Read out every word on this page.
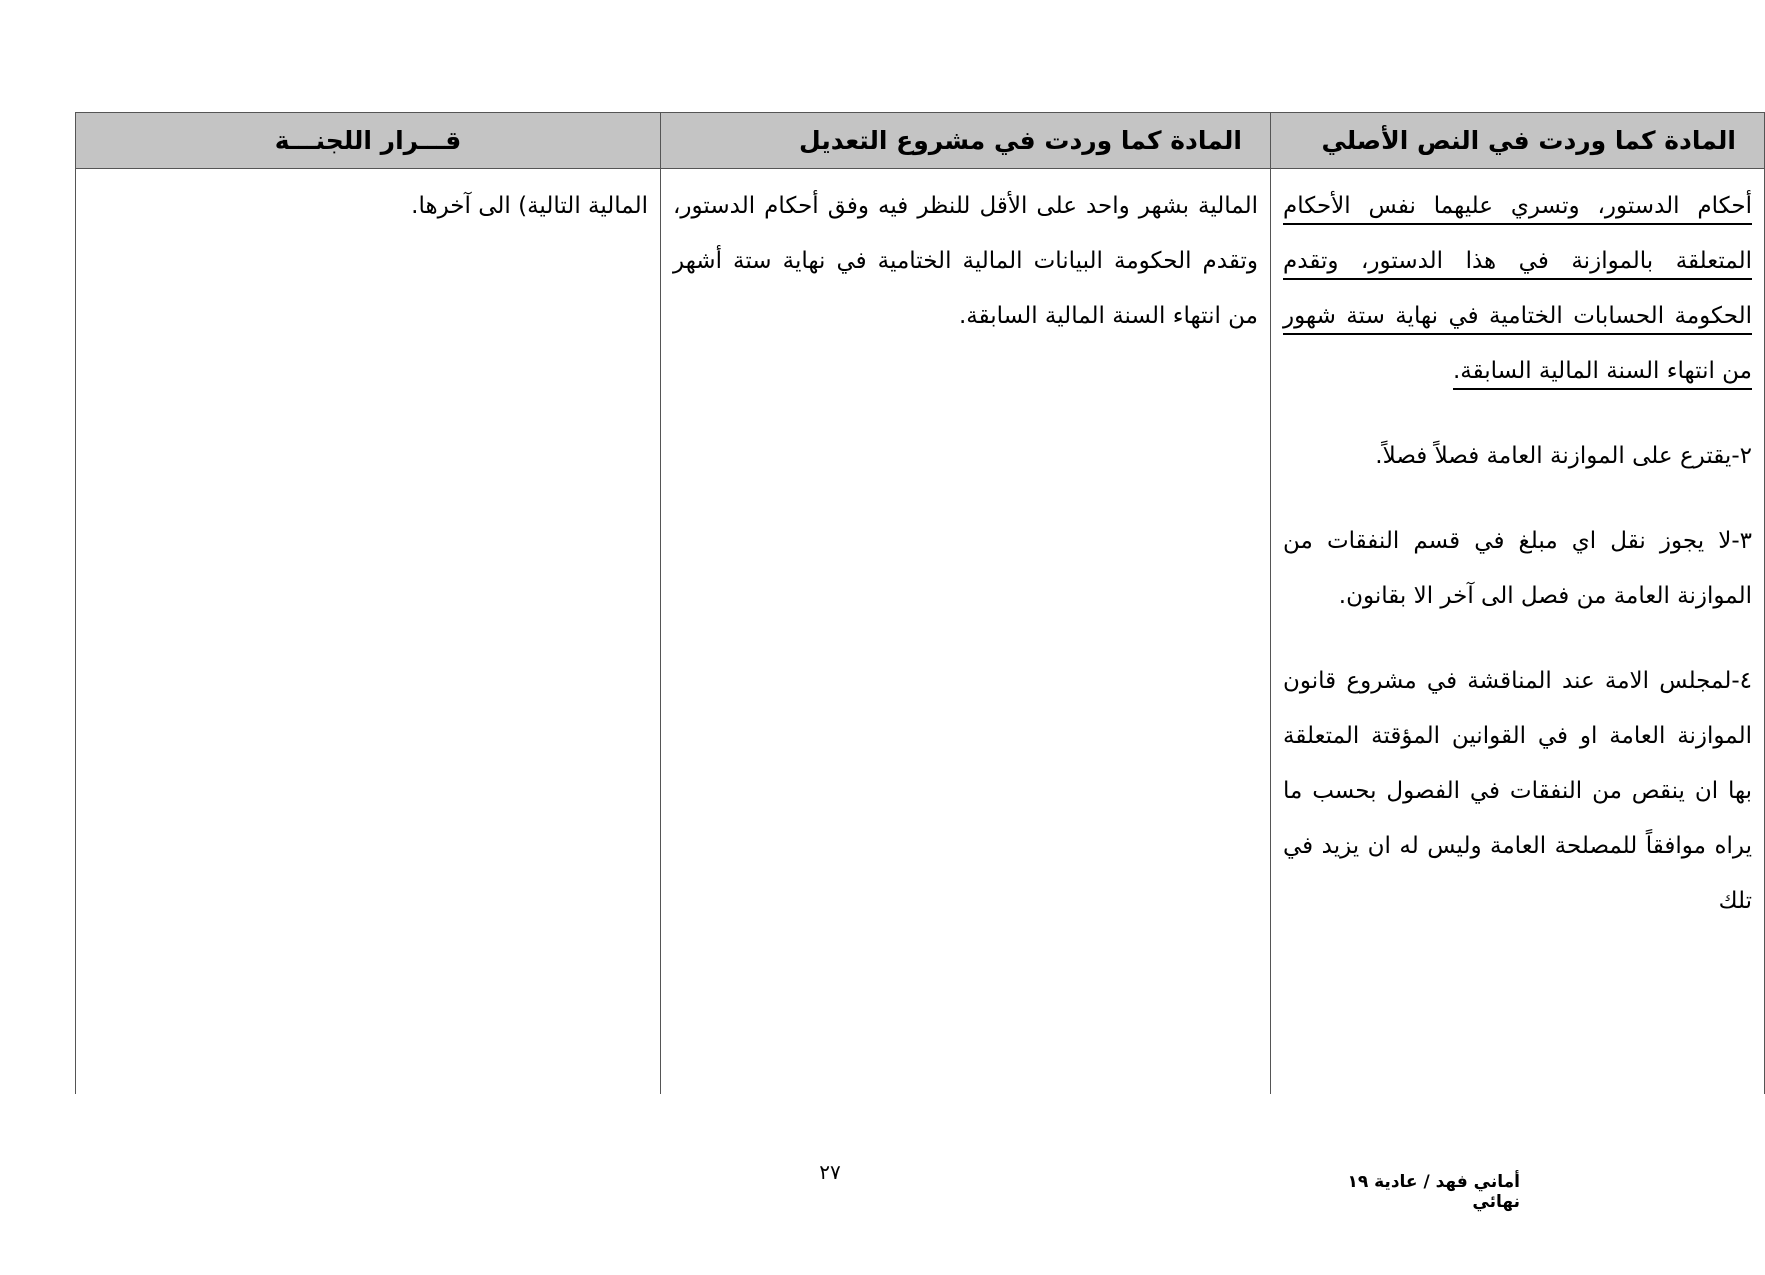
المادة كما وردت في النص الأصلي	المادة كما وردت في مشروع التعديل	قـــرار اللجنـــة

أحكام الدستور، وتسري عليهما نفس الأحكام المتعلقة بالموازنة في هذا الدستور، وتقدم الحكومة الحسابات الختامية في نهاية ستة شهور من انتهاء السنة المالية السابقة.

٢-يقترع على الموازنة العامة فصلاً فصلاً.

٣-لا يجوز نقل اي مبلغ في قسم النفقات من الموازنة العامة من فصل الى آخر الا بقانون.

٤-لمجلس الامة عند المناقشة في مشروع قانون الموازنة العامة او في القوانين المؤقتة المتعلقة بها ان ينقص من النفقات في الفصول بحسب ما يراه موافقاً للمصلحة العامة وليس له ان يزيد في تلك	المالية بشهر واحد على الأقل للنظر فيه وفق أحكام الدستور، وتقدم الحكومة البيانات المالية الختامية في نهاية ستة أشهر من انتهاء السنة المالية السابقة.	المالية التالية) الى آخرها.

٢٧	أماني فهد / عادية ١٩ نهائي
